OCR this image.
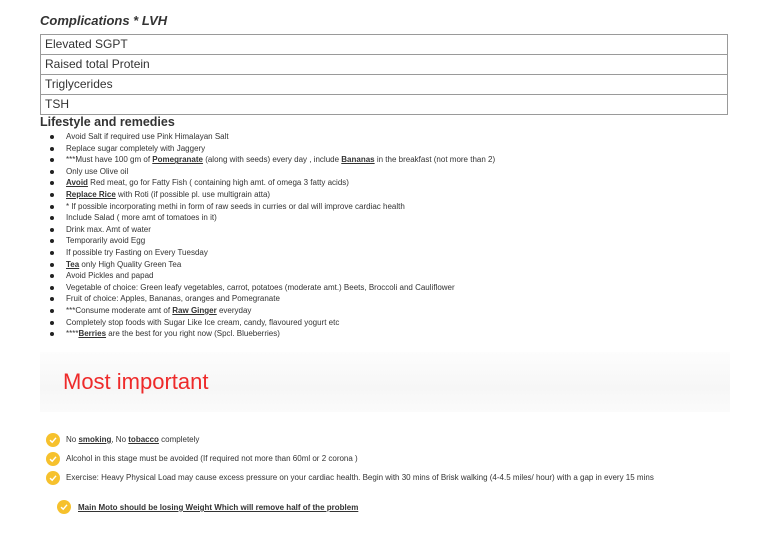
Complications * LVH
Elevated SGPT
Raised total Protein
Triglycerides
TSH
Lifestyle and remedies
Avoid Salt if required use Pink Himalayan Salt
Replace sugar completely with Jaggery
***Must have 100 gm of Pomegranate (along with seeds) every day , include Bananas in the breakfast (not more than 2)
Only use Olive oil
Avoid Red meat, go for Fatty Fish ( containing high amt. of omega 3 fatty acids)
Replace Rice with Roti (if possible pl. use multigrain atta)
* If possible incorporating methi in form of raw seeds in curries or dal will improve cardiac health
Include Salad ( more amt of tomatoes in it)
Drink max. Amt of water
Temporarily avoid Egg
If possible try Fasting on Every Tuesday
Tea only High Quality Green Tea
Avoid Pickles and papad
Vegetable of choice: Green leafy vegetables, carrot, potatoes (moderate amt.) Beets, Broccoli and Cauliflower
Fruit of choice: Apples, Bananas, oranges and Pomegranate
***Consume moderate amt of Raw Ginger everyday
Completely stop foods with Sugar Like Ice cream, candy, flavoured yogurt etc
****Berries are the best for you right now (Spcl. Blueberries)
Most important
No smoking, No tobacco completely
Alcohol in this stage must be avoided (If required not more than 60ml or 2 corona )
Exercise: Heavy Physical Load may cause excess pressure on your cardiac health. Begin with 30 mins of Brisk walking (4-4.5 miles/ hour) with a gap in every 15 mins
Main Moto should be losing Weight Which will remove half of the problem
